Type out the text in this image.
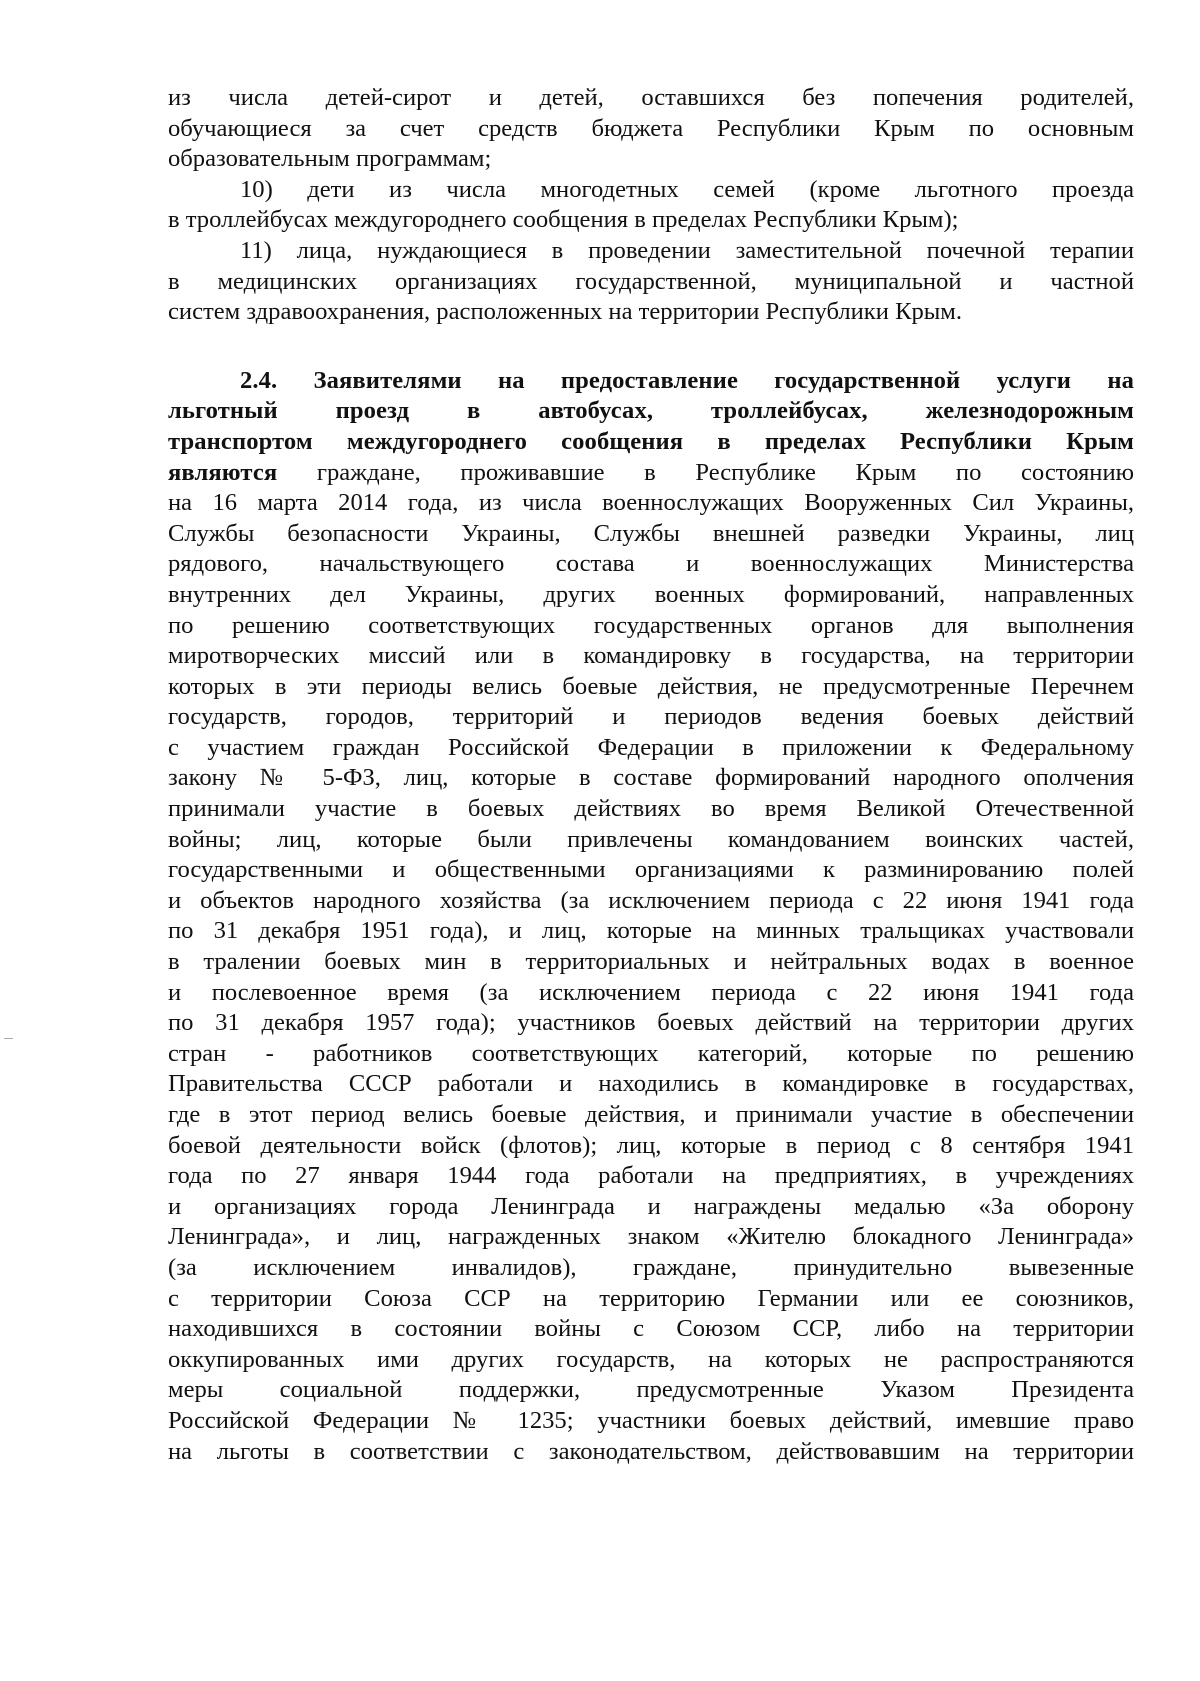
из числа детей-сирот и детей, оставшихся без попечения родителей,
обучающиеся за счет средств бюджета Республики Крым по основным
образовательным программам;
10) дети из числа многодетных семей (кроме льготного проезда
в троллейбусах междугороднего сообщения в пределах Республики Крым);
11) лица, нуждающиеся в проведении заместительной почечной терапии
в медицинских организациях государственной, муниципальной и частной
систем здравоохранения, расположенных на территории Республики Крым.
2.4. Заявителями на предоставление государственной услуги на
льготный проезд в автобусах, троллейбусах, железнодорожным
транспортом междугороднего сообщения в пределах Республики Крым
являются граждане, проживавшие в Республике Крым по состоянию
на 16 марта 2014 года, из числа военнослужащих Вооруженных Сил Украины,
Службы безопасности Украины, Службы внешней разведки Украины, лиц
рядового, начальствующего состава и военнослужащих Министерства
внутренних дел Украины, других военных формирований, направленных
по решению соответствующих государственных органов для выполнения
миротворческих миссий или в командировку в государства, на территории
которых в эти периоды велись боевые действия, не предусмотренные Перечнем
государств, городов, территорий и периодов ведения боевых действий
с участием граждан Российской Федерации в приложении к Федеральному
закону № 5-ФЗ, лиц, которые в составе формирований народного ополчения
принимали участие в боевых действиях во время Великой Отечественной
войны; лиц, которые были привлечены командованием воинских частей,
государственными и общественными организациями к разминированию полей
и объектов народного хозяйства (за исключением периода с 22 июня 1941 года
по 31 декабря 1951 года), и лиц, которые на минных тральщиках участвовали
в тралении боевых мин в территориальных и нейтральных водах в военное
и послевоенное время (за исключением периода с 22 июня 1941 года
по 31 декабря 1957 года); участников боевых действий на территории других
стран - работников соответствующих категорий, которые по решению
Правительства СССР работали и находились в командировке в государствах,
где в этот период велись боевые действия, и принимали участие в обеспечении
боевой деятельности войск (флотов); лиц, которые в период с 8 сентября 1941
года по 27 января 1944 года работали на предприятиях, в учреждениях
и организациях города Ленинграда и награждены медалью «За оборону
Ленинграда», и лиц, награжденных знаком «Жителю блокадного Ленинграда»
(за исключением инвалидов), граждане, принудительно вывезенные
с территории Союза ССР на территорию Германии или ее союзников,
находившихся в состоянии войны с Союзом ССР, либо на территории
оккупированных ими других государств, на которых не распространяются
меры социальной поддержки, предусмотренные Указом Президента
Российской Федерации № 1235; участники боевых действий, имевшие право
на льготы в соответствии с законодательством, действовавшим на территории
